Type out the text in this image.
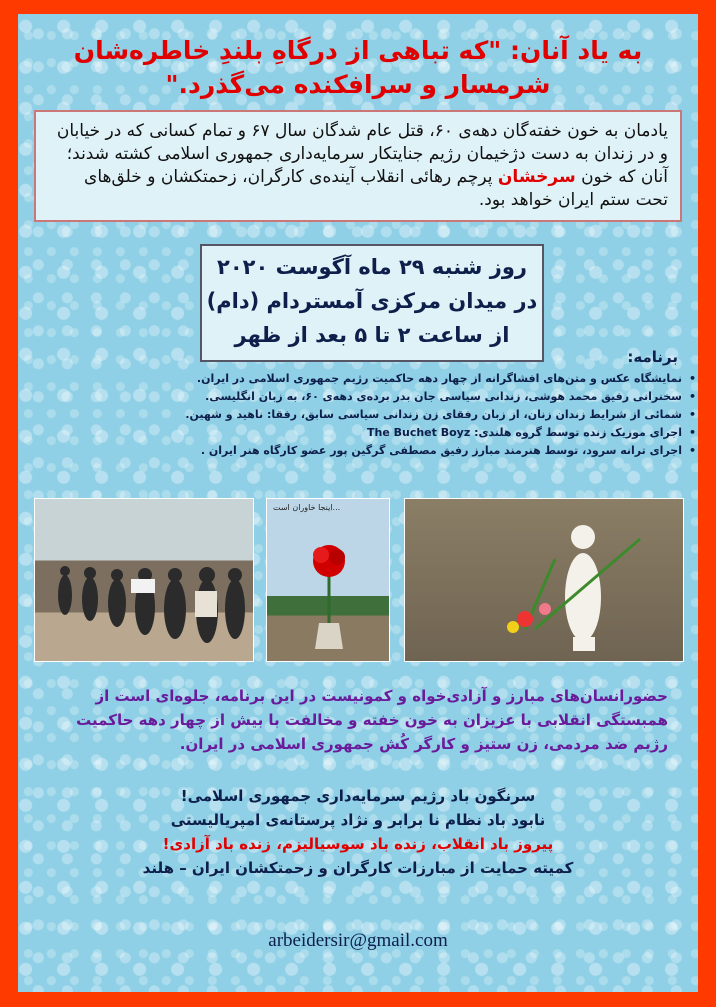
به یاد آنان: "که تباهی از درگاهِ بلندِ خاطره‌شان
شرمسار و سرافکنده می‌گذرد."
یادمان به خون خفته‌گان دهه‌ی ۶۰، قتل عام شدگان سال ۶۷ و تمام کسانی که در خیابان و در زندان به دست دژخیمان رژیم جنایتکار سرمایه‌داری جمهوری اسلامی کشته شدند؛ آنان که خون سرخشان پرچم رهائی انقلاب آینده‌ی کارگران، زحمتکشان و خلق‌های تحت ستم ایران خواهد بود.
روز شنبه ۲۹ ماه آگوست ۲۰۲۰
در میدان مرکزی آمستردام (دام)
از ساعت ۲ تا ۵ بعد از ظهر
برنامه:
•
نمایشگاه عکس و متن‌های افشاگرانه از چهار دهه حاکمیت رژیم جمهوری اسلامی در ایران.
•
سخنرانی رفیق محمد هوشی، زندانی سیاسی جان بدر برده‌ی دهه‌ی ۶۰، به زبان انگلیسی.
•
شمائی از شرایط زندان زنان، از زبان رفقای زن زندانی سیاسی سابق، رفقا: ناهید و شهین.
•
اجرای موزیک زنده توسط گروه هلندی: The Buchet Boyz
•
اجرای ترانه سرود، توسط هنرمند مبارز رفیق مصطفی گرگین پور عضو کارگاه هنر ایران .
اینجا خاوران است...
حضورانسان‌های مبارز و آزادی‌خواه و کمونیست در این برنامه، جلوه‌ای است از همبستگی انقلابی با عزیزان به خون خفته و مخالفت با بیش از چهار دهه حاکمیت رژیم ضد مردمی، زن ستیز و کارگر کُش جمهوری اسلامی در ایران.
سرنگون باد رژیم سرمایه‌داری جمهوری اسلامی!
نابود باد نظام نا برابر و نژاد پرستانه‌ی امپریالیستی
پیروز باد انقلاب، زنده باد سوسیالیزم، زنده باد آزادی!
کمیته حمایت از مبارزات کارگران و زحمتکشان ایران – هلند
arbeidersir@gmail.com
